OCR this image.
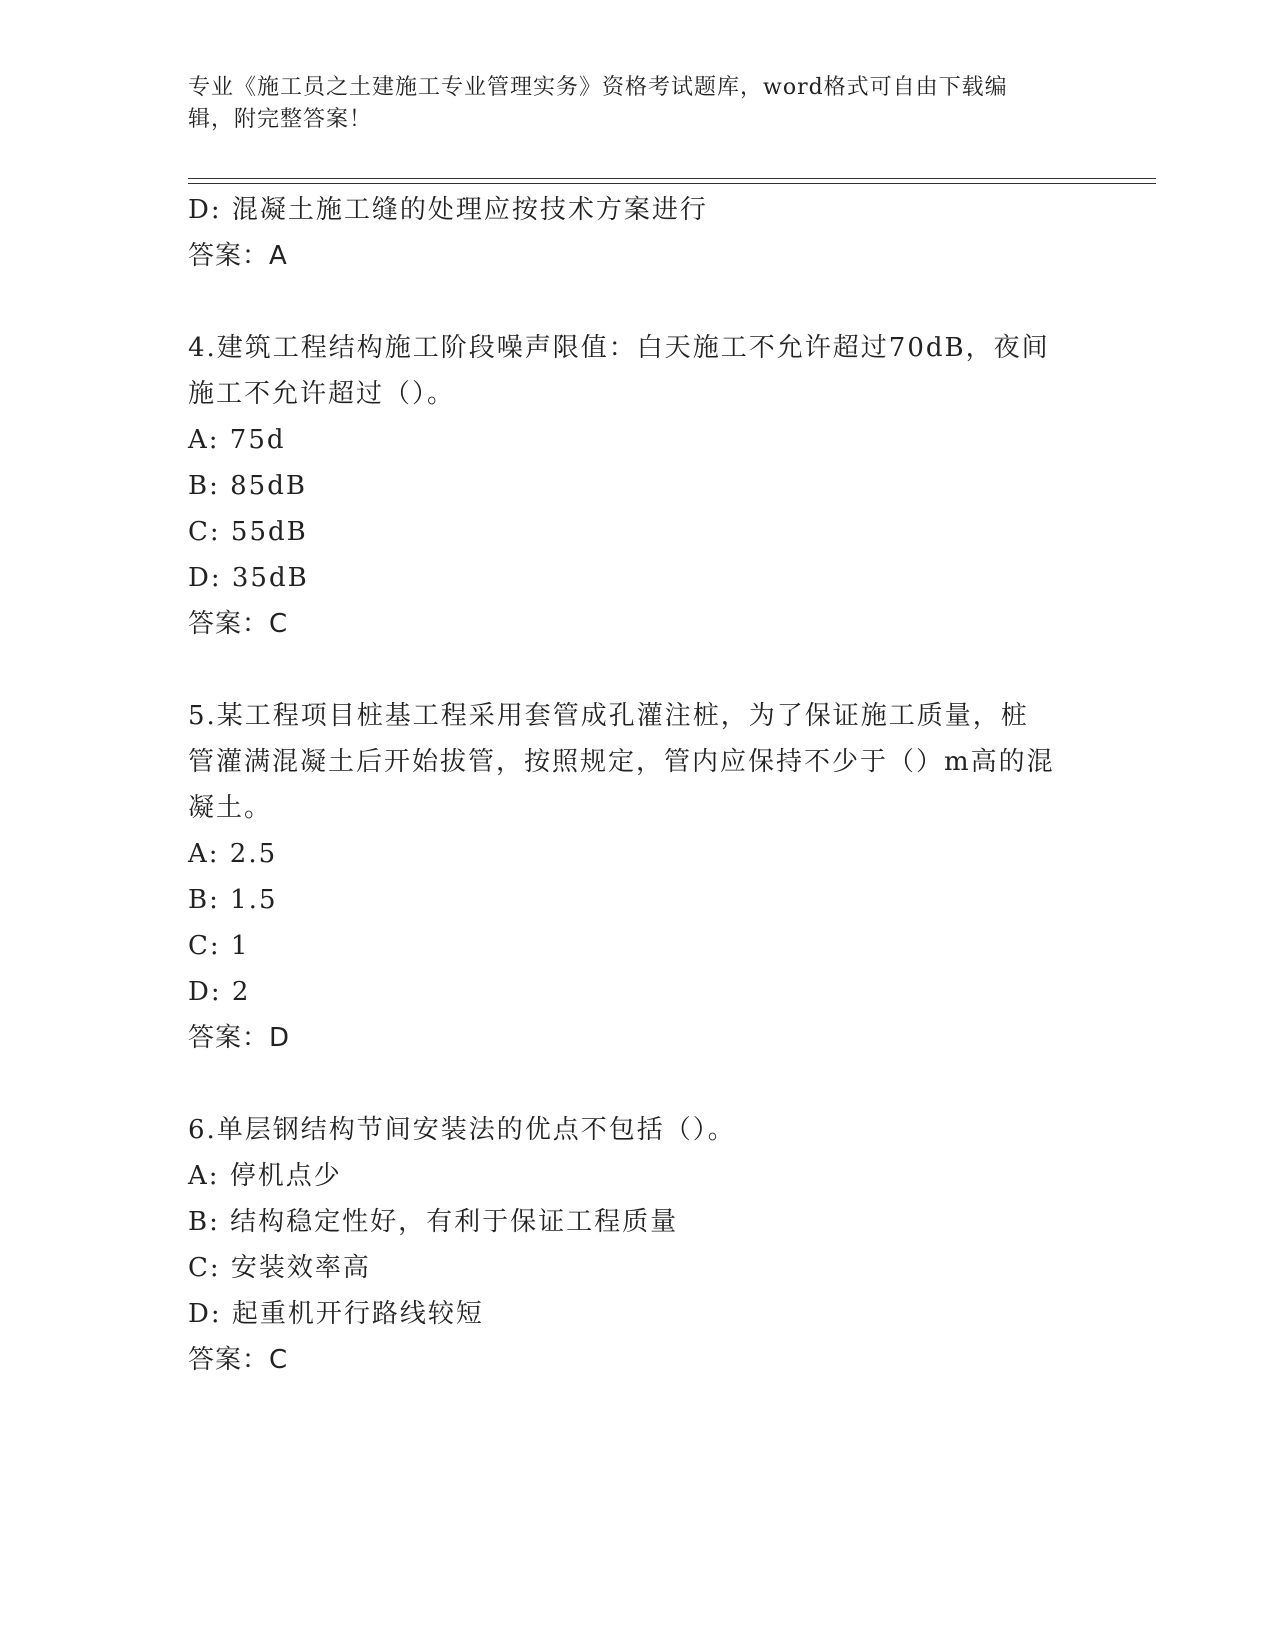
专业《施工员之土建施工专业管理实务》资格考试题库，word格式可自由下载编
辑，附完整答案！
D: 混凝土施工缝的处理应按技术方案进行
答案：A
4.建筑工程结构施工阶段噪声限值：白天施工不允许超过70dB，夜间
施工不允许超过（）。
A: 75d
B: 85dB
C: 55dB
D: 35dB
答案：C
5.某工程项目桩基工程采用套管成孔灌注桩，为了保证施工质量，桩
管灌满混凝土后开始拔管，按照规定，管内应保持不少于（）m高的混
凝土。
A: 2.5
B: 1.5
C: 1
D: 2
答案：D
6.单层钢结构节间安装法的优点不包括（）。
A: 停机点少
B: 结构稳定性好，有利于保证工程质量
C: 安装效率高
D: 起重机开行路线较短
答案：C
